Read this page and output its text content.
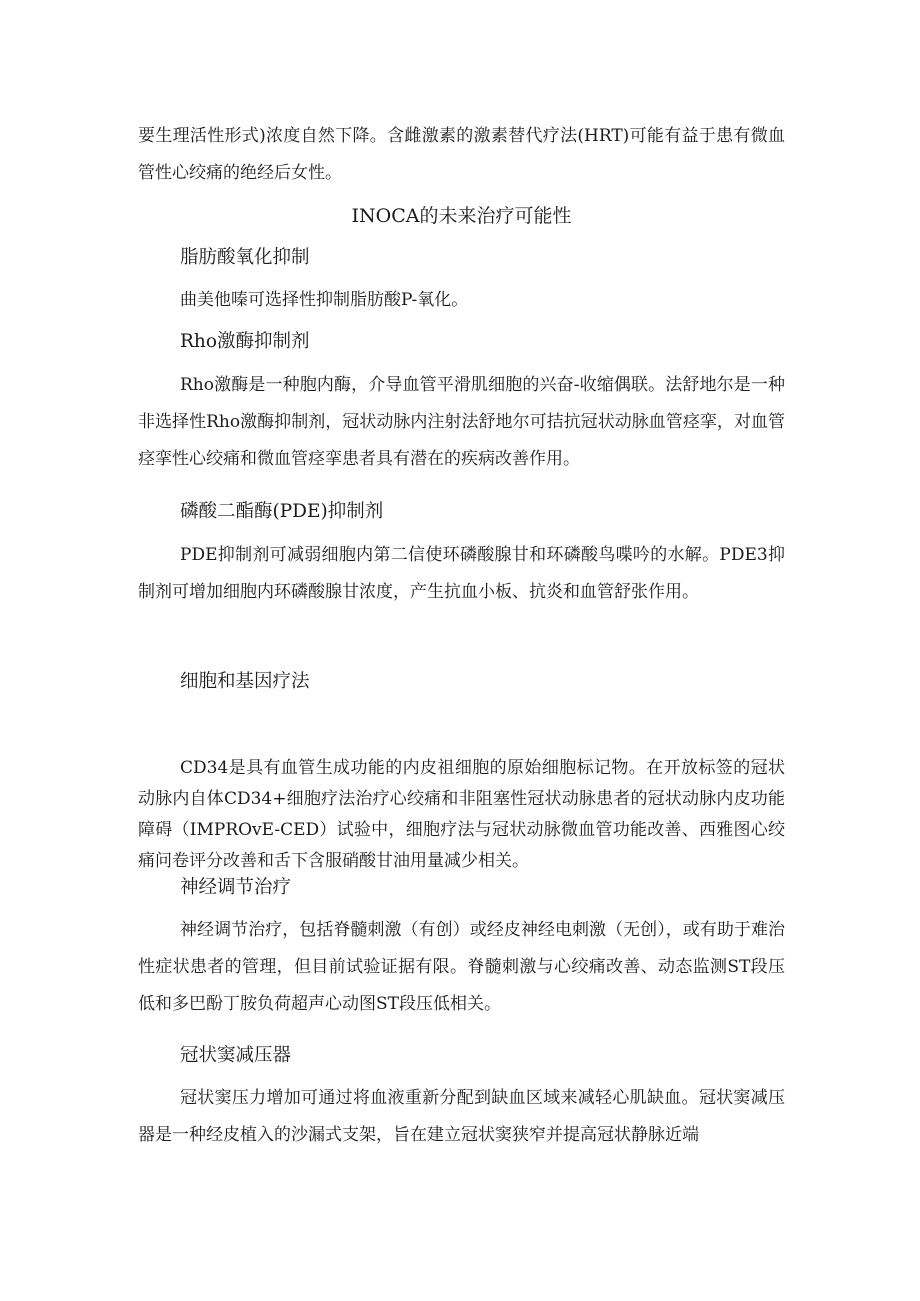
要生理活性形式)浓度自然下降。含雌激素的激素替代疗法(HRT)可能有益于患有微血管性心绞痛的绝经后女性。

INOCA的未来治疗可能性
脂肪酸氧化抑制

曲美他嗪可选择性抑制脂肪酸P-氧化。

Rho激酶抑制剂

Rho激酶是一种胞内酶，介导血管平滑肌细胞的兴奋-收缩偶联。法舒地尔是一种非选择性Rho激酶抑制剂，冠状动脉内注射法舒地尔可拮抗冠状动脉血管痉挛，对血管痉挛性心绞痛和微血管痉挛患者具有潜在的疾病改善作用。

磷酸二酯酶(PDE)抑制剂

PDE抑制剂可减弱细胞内第二信使环磷酸腺甘和环磷酸鸟喋吟的水解。PDE3抑制剂可增加细胞内环磷酸腺甘浓度，产生抗血小板、抗炎和血管舒张作用。

细胞和基因疗法

CD34是具有血管生成功能的内皮祖细胞的原始细胞标记物。在开放标签的冠状动脉内自体CD34+细胞疗法治疗心绞痛和非阻塞性冠状动脉患者的冠状动脉内皮功能障碍（IMPROvE-CED）试验中，细胞疗法与冠状动脉微血管功能改善、西雅图心绞痛问卷评分改善和舌下含服硝酸甘油用量减少相关。

神经调节治疗

神经调节治疗，包括脊髓刺激（有创）或经皮神经电刺激（无创），或有助于难治性症状患者的管理，但目前试验证据有限。脊髓刺激与心绞痛改善、动态监测ST段压低和多巴酚丁胺负荷超声心动图ST段压低相关。

冠状窦减压器

冠状窦压力增加可通过将血液重新分配到缺血区域来减轻心肌缺血。冠状窦减压器是一种经皮植入的沙漏式支架，旨在建立冠状窦狭窄并提高冠状静脉近端
